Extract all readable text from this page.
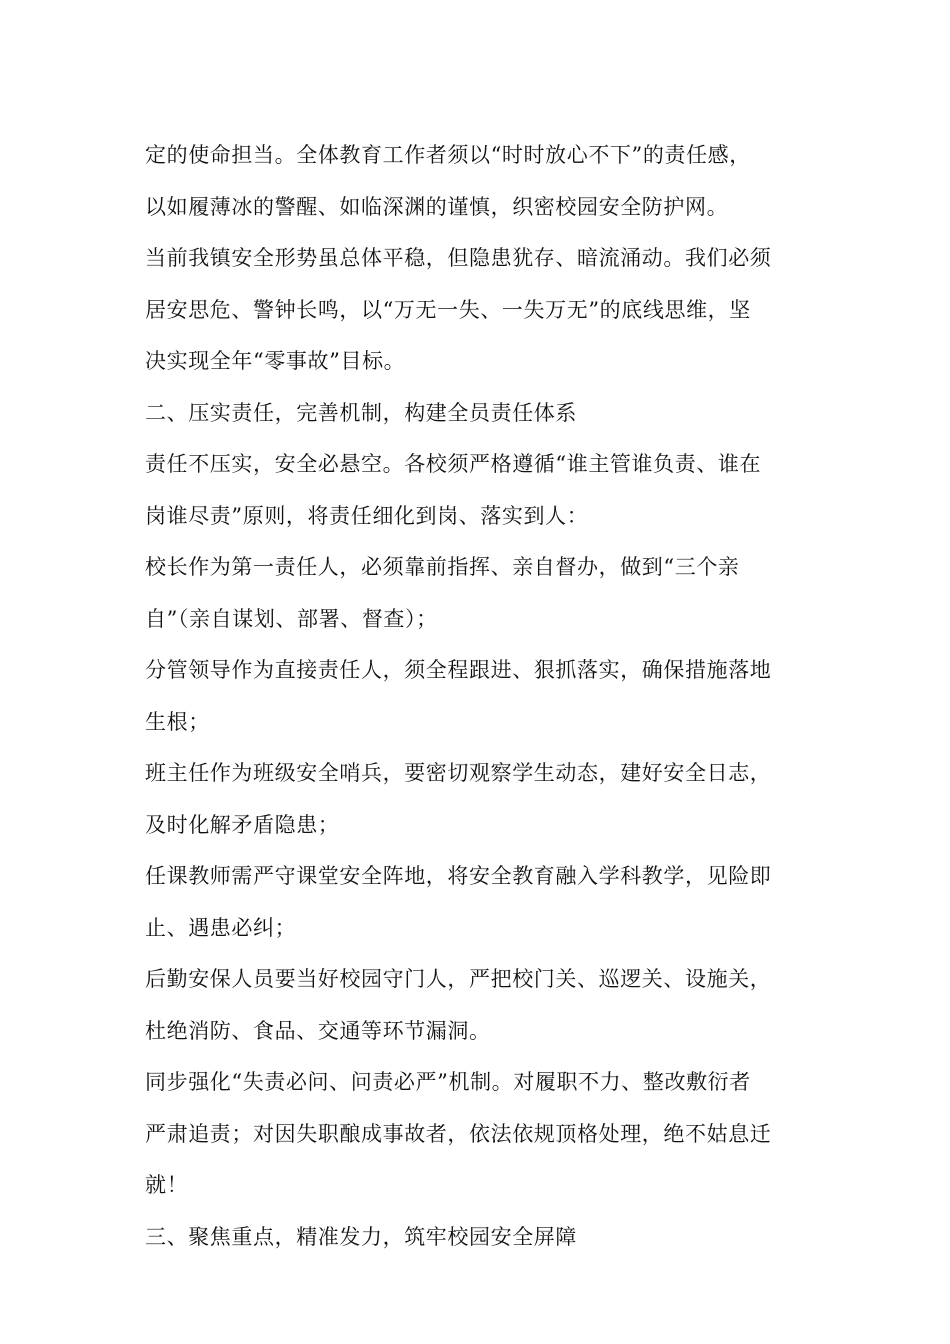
定的使命担当。全体教育工作者须以“时时放心不下”的责任感，
以如履薄冰的警醒、如临深渊的谨慎，织密校园安全防护网。
当前我镇安全形势虽总体平稳，但隐患犹存、暗流涌动。我们必须
居安思危、警钟长鸣，以“万无一失、一失万无”的底线思维，坚
决实现全年“零事故”目标。
二、压实责任，完善机制，构建全员责任体系
责任不压实，安全必悬空。各校须严格遵循“谁主管谁负责、谁在
岗谁尽责”原则，将责任细化到岗、落实到人：
校长作为第一责任人，必须靠前指挥、亲自督办，做到“三个亲
自”（亲自谋划、部署、督查）；
分管领导作为直接责任人，须全程跟进、狠抓落实，确保措施落地
生根；
班主任作为班级安全哨兵，要密切观察学生动态，建好安全日志，
及时化解矛盾隐患；
任课教师需严守课堂安全阵地，将安全教育融入学科教学，见险即
止、遇患必纠；
后勤安保人员要当好校园守门人，严把校门关、巡逻关、设施关，
杜绝消防、食品、交通等环节漏洞。
同步强化“失责必问、问责必严”机制。对履职不力、整改敷衍者
严肃追责；对因失职酿成事故者，依法依规顶格处理，绝不姑息迁
就！
三、聚焦重点，精准发力，筑牢校园安全屏障
